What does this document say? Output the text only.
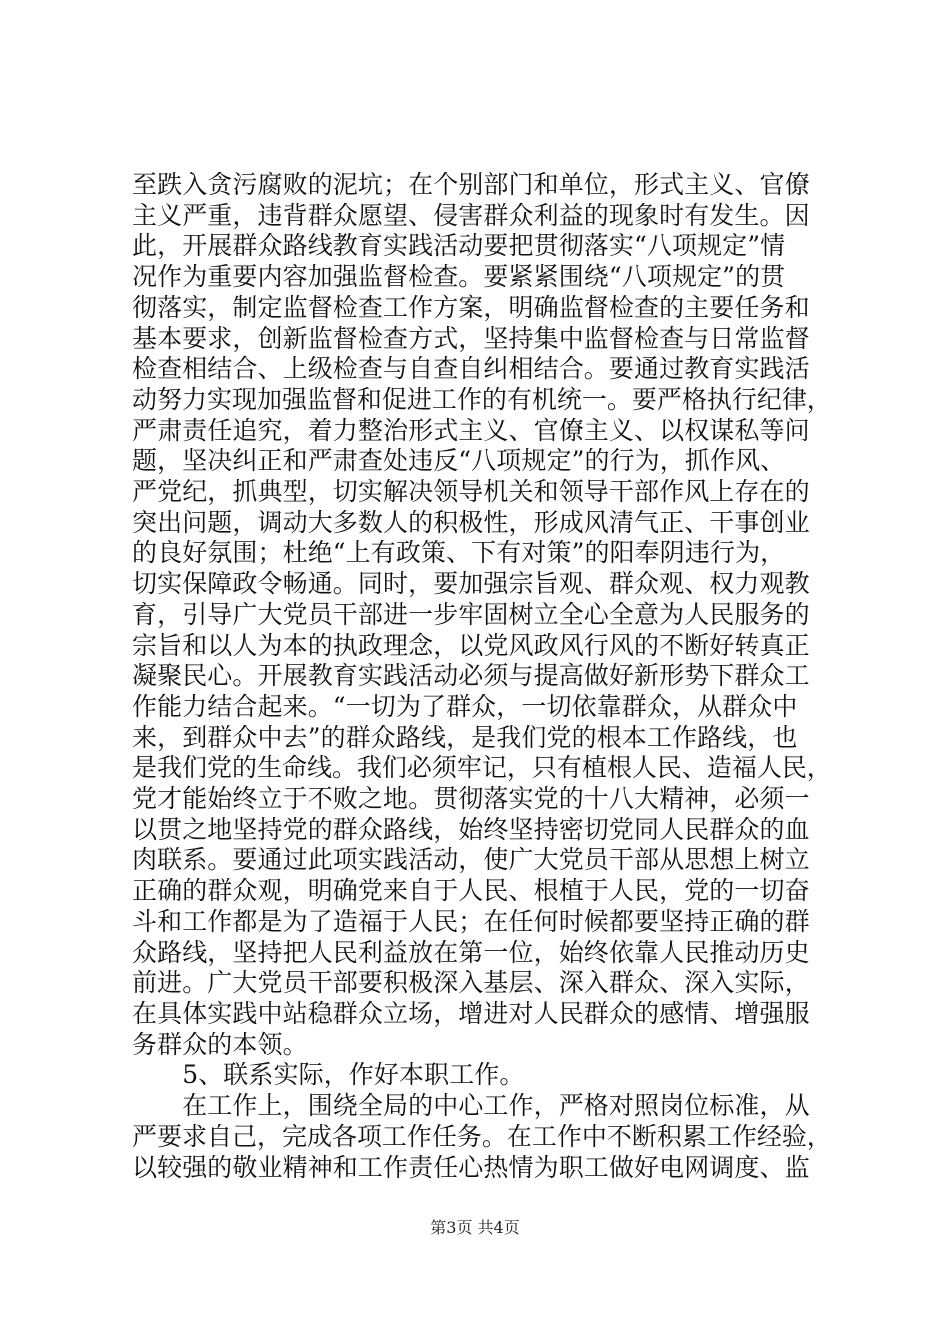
至跌入贪污腐败的泥坑；在个别部门和单位，形式主义、官僚
主义严重，违背群众愿望、侵害群众利益的现象时有发生。因
此，开展群众路线教育实践活动要把贯彻落实“八项规定”情
况作为重要内容加强监督检查。要紧紧围绕“八项规定”的贯
彻落实，制定监督检查工作方案，明确监督检查的主要任务和
基本要求，创新监督检查方式，坚持集中监督检查与日常监督
检查相结合、上级检查与自查自纠相结合。要通过教育实践活
动努力实现加强监督和促进工作的有机统一。要严格执行纪律，
严肃责任追究，着力整治形式主义、官僚主义、以权谋私等问
题，坚决纠正和严肃查处违反“八项规定”的行为，抓作风、
严党纪，抓典型，切实解决领导机关和领导干部作风上存在的
突出问题，调动大多数人的积极性，形成风清气正、干事创业
的良好氛围；杜绝“上有政策、下有对策”的阳奉阴违行为，
切实保障政令畅通。同时，要加强宗旨观、群众观、权力观教
育，引导广大党员干部进一步牢固树立全心全意为人民服务的
宗旨和以人为本的执政理念，以党风政风行风的不断好转真正
凝聚民心。开展教育实践活动必须与提高做好新形势下群众工
作能力结合起来。“一切为了群众，一切依靠群众，从群众中
来，到群众中去”的群众路线，是我们党的根本工作路线，也
是我们党的生命线。我们必须牢记，只有植根人民、造福人民，
党才能始终立于不败之地。贯彻落实党的十八大精神，必须一
以贯之地坚持党的群众路线，始终坚持密切党同人民群众的血
肉联系。要通过此项实践活动，使广大党员干部从思想上树立
正确的群众观，明确党来自于人民、根植于人民，党的一切奋
斗和工作都是为了造福于人民；在任何时候都要坚持正确的群
众路线，坚持把人民利益放在第一位，始终依靠人民推动历史
前进。广大党员干部要积极深入基层、深入群众、深入实际，
在具体实践中站稳群众立场，增进对人民群众的感情、增强服
务群众的本领。
　　5、联系实际，作好本职工作。
　　在工作上，围绕全局的中心工作，严格对照岗位标准，从
严要求自己，完成各项工作任务。在工作中不断积累工作经验，
以较强的敬业精神和工作责任心热情为职工做好电网调度、监
第3页 共4页
